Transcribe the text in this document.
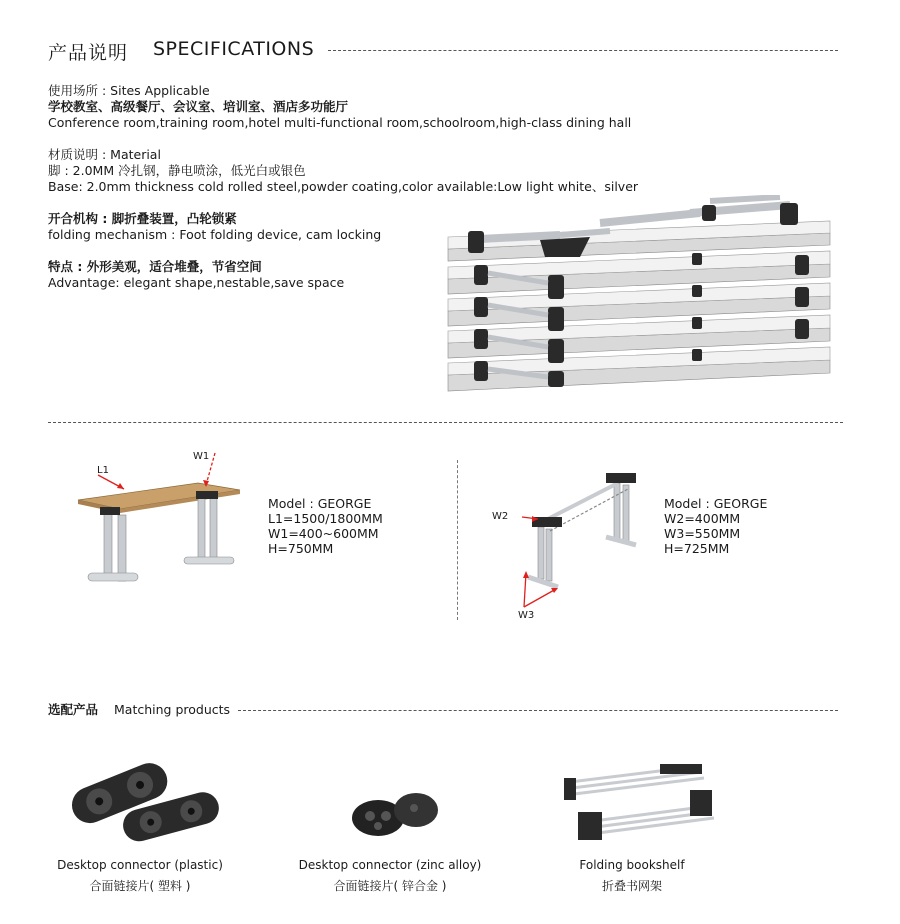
产品说明 SPECIFICATIONS
使用场所 : Sites Applicable
学校教室、高级餐厅、会议室、培训室、酒店多功能厅
Conference room,training room,hotel multi-functional room,schoolroom,high-class dining hall
材质说明 : Material
脚 : 2.0MM 冷扎钢，静电喷涂，低光白或银色
Base: 2.0mm thickness cold rolled steel,powder coating,color available:Low light white、silver
开合机构 : 脚折叠装置，凸轮锁紧
folding mechanism : Foot folding device, cam locking
特点 : 外形美观，适合堆叠，节省空间
Advantage: elegant shape,nestable,save space
L1
W1
Model : GEORGE
L1=1500/1800MM
W1=400~600MM
H=750MM
W2
W3
Model : GEORGE
W2=400MM
W3=550MM
H=725MM
选配产品 Matching products
Desktop connector (plastic)
合面链接片( 塑料 )
Desktop connector (zinc alloy)
合面链接片( 锌合金 )
Folding bookshelf
折叠书网架
